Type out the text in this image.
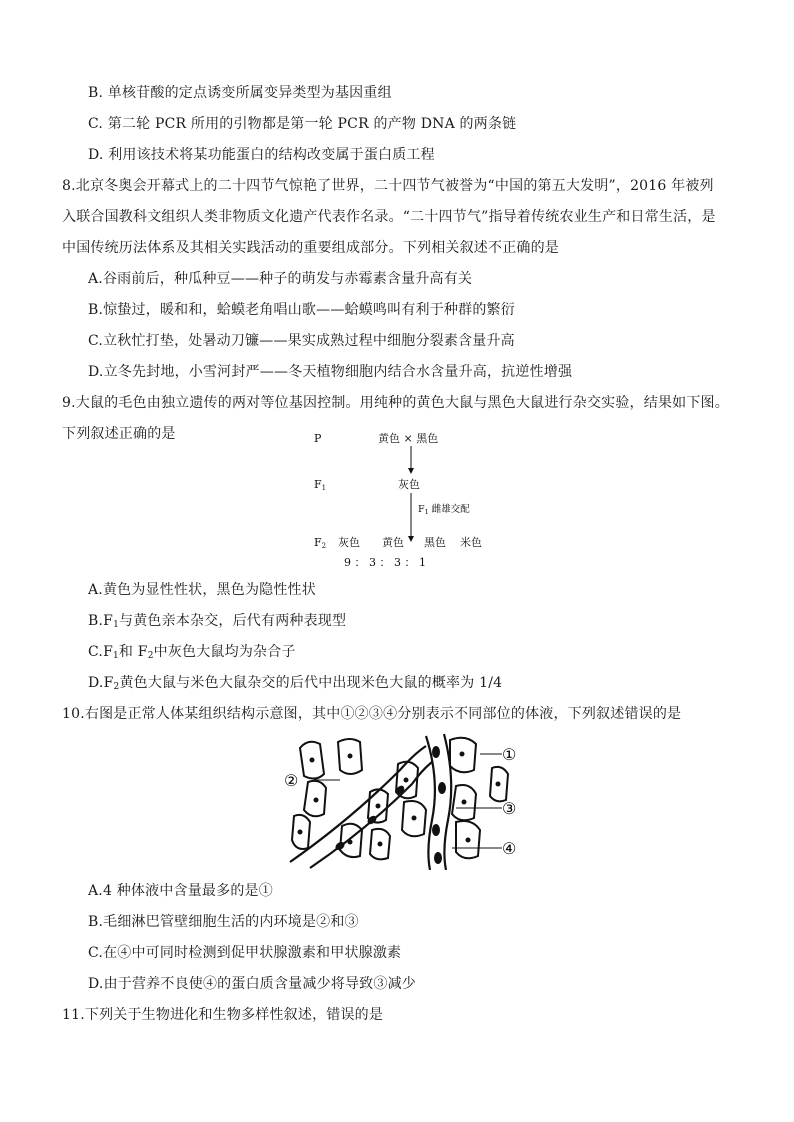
B. 单核苷酸的定点诱变所属变异类型为基因重组
C. 第二轮 PCR 所用的引物都是第一轮 PCR 的产物 DNA 的两条链
D. 利用该技术将某功能蛋白的结构改变属于蛋白质工程
8.北京冬奥会开幕式上的二十四节气惊艳了世界，二十四节气被誉为“中国的第五大发明”，2016 年被列
入联合国教科文组织人类非物质文化遗产代表作名录。“二十四节气”指导着传统农业生产和日常生活，是
中国传统历法体系及其相关实践活动的重要组成部分。下列相关叙述不正确的是
A.谷雨前后，种瓜种豆——种子的萌发与赤霉素含量升高有关
B.惊蛰过，暖和和，蛤蟆老角唱山歌——蛤蟆鸣叫有利于种群的繁衍
C.立秋忙打垫，处暑动刀镰——果实成熟过程中细胞分裂素含量升高
D.立冬先封地，小雪河封严——冬天植物细胞内结合水含量升高，抗逆性增强
9.大鼠的毛色由独立遗传的两对等位基因控制。用纯种的黄色大鼠与黑色大鼠进行杂交实验，结果如下图。
下列叙述正确的是	P	黄色 × 黑色
F1	灰色
$F_1$ 雌雄交配
F2 灰色 黄色 黑色 米色
9 ： 3 ： 3 ： 1
A.黄色为显性性状，黑色为隐性性状
$B.F_1$与黄色亲本杂交，后代有两种表现型
$C.F_1$和 $F_2$中灰色大鼠均为杂合子
$D.F_2$黄色大鼠与米色大鼠杂交的后代中出现米色大鼠的概率为 1/4
10.右图是正常人体某组织结构示意图，其中①②③④分别表示不同部位的体液，下列叙述错误的是
①
②
③
④
A.4 种体液中含量最多的是①
B.毛细淋巴管壁细胞生活的内环境是②和③
C.在④中可同时检测到促甲状腺激素和甲状腺激素
D.由于营养不良使④的蛋白质含量减少将导致③减少
11.下列关于生物进化和生物多样性叙述，错误的是
